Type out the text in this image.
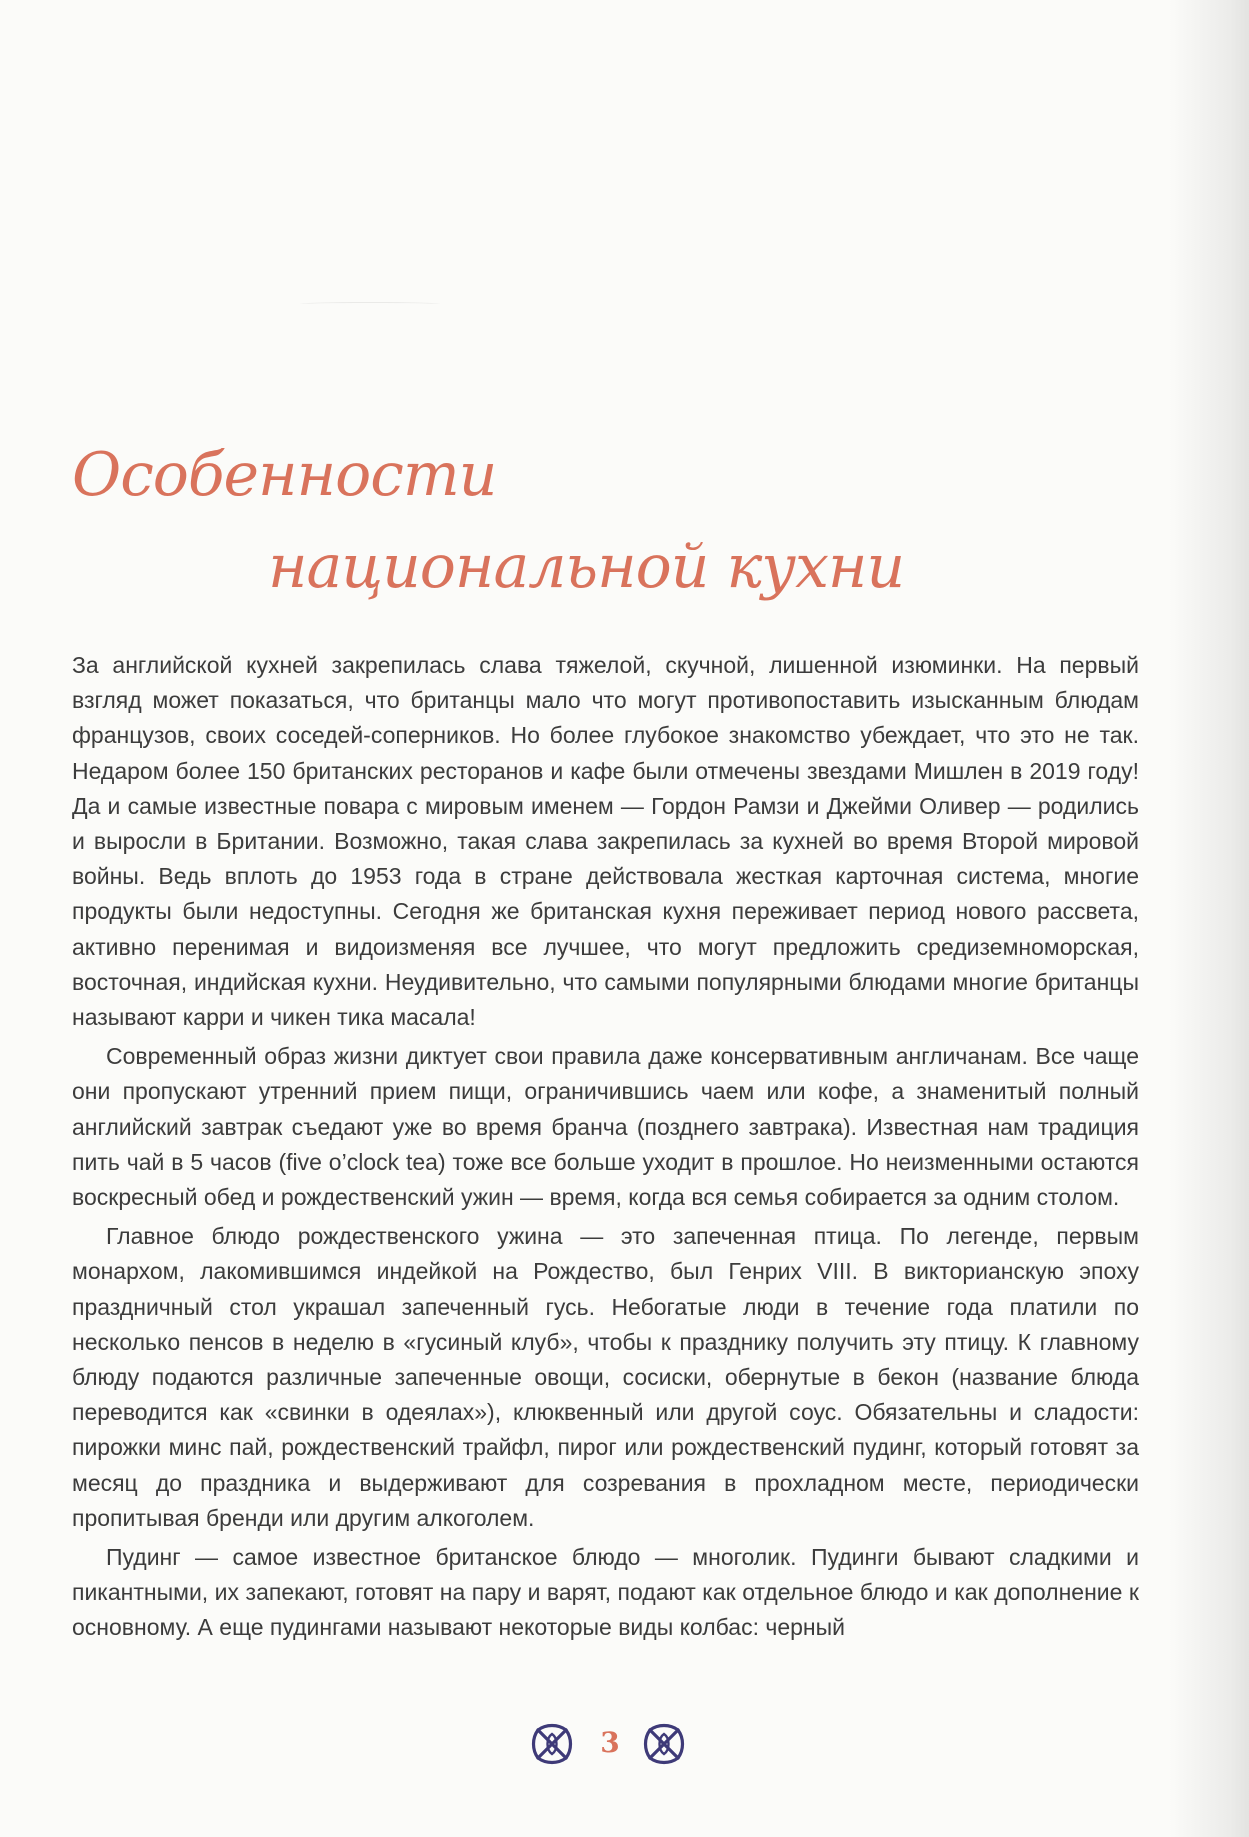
Особенности
национальной кухни

За английской кухней закрепилась слава тяжелой, скучной, лишенной изюминки. На первый взгляд может показаться, что британцы мало что могут противопоставить изысканным блюдам французов, своих соседей-соперников. Но более глубокое знакомство убеждает, что это не так. Недаром более 150 британских ресторанов и кафе были отмечены звездами Мишлен в 2019 году! Да и самые известные повара с мировым именем — Гордон Рамзи и Джейми Оливер — родились и выросли в Британии. Возможно, такая слава закрепилась за кухней во время Второй мировой войны. Ведь вплоть до 1953 года в стране действовала жесткая карточная система, многие продукты были недоступны. Сегодня же британская кухня переживает период нового рассвета, активно перенимая и видоизменяя все лучшее, что могут предложить средиземноморская, восточная, индийская кухни. Неудивительно, что самыми популярными блюдами многие британцы называют карри и чикен тика масала!

Современный образ жизни диктует свои правила даже консервативным англичанам. Все чаще они пропускают утренний прием пищи, ограничившись чаем или кофе, а знаменитый полный английский завтрак съедают уже во время бранча (позднего завтрака). Известная нам традиция пить чай в 5 часов (five o’clock tea) тоже все больше уходит в прошлое. Но неизменными остаются воскресный обед и рождественский ужин — время, когда вся семья собирается за одним столом.

Главное блюдо рождественского ужина — это запеченная птица. По легенде, первым монархом, лакомившимся индейкой на Рождество, был Генрих VIII. В викторианскую эпоху праздничный стол украшал запеченный гусь. Небогатые люди в течение года платили по несколько пенсов в неделю в «гусиный клуб», чтобы к празднику получить эту птицу. К главному блюду подаются различные запеченные овощи, сосиски, обернутые в бекон (название блюда переводится как «свинки в одеялах»), клюквенный или другой соус. Обязательны и сладости: пирожки минс пай, рождественский трайфл, пирог или рождественский пудинг, который готовят за месяц до праздника и выдерживают для созревания в прохладном месте, периодически пропитывая бренди или другим алкоголем.

Пудинг — самое известное британское блюдо — многолик. Пудинги бывают сладкими и пикантными, их запекают, готовят на пару и варят, подают как отдельное блюдо и как дополнение к основному. А еще пудингами называют некоторые виды колбас: черный

3
